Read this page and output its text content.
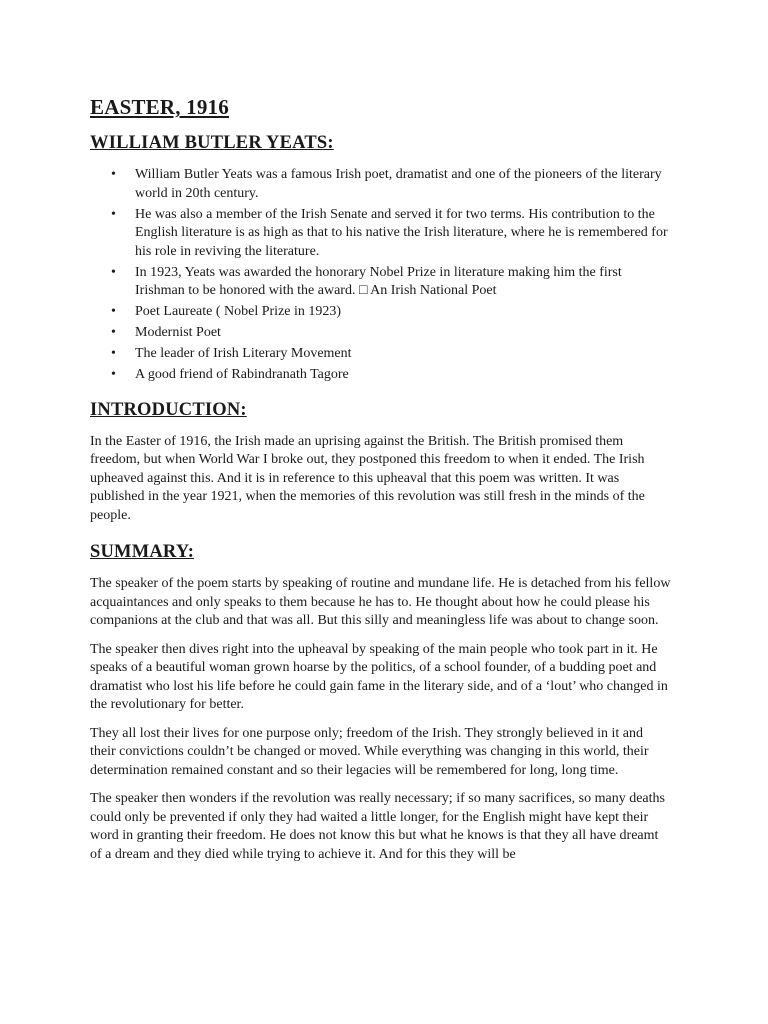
EASTER, 1916
WILLIAM BUTLER YEATS:
• William Butler Yeats was a famous Irish poet, dramatist and one of the pioneers of the literary world in 20th century.
• He was also a member of the Irish Senate and served it for two terms. His contribution to the English literature is as high as that to his native the Irish literature, where he is remembered for his role in reviving the literature.
• In 1923, Yeats was awarded the honorary Nobel Prize in literature making him the first Irishman to be honored with the award. □ An Irish National Poet
• Poet Laureate ( Nobel Prize in 1923)
• Modernist Poet
• The leader of Irish Literary Movement
• A good friend of Rabindranath Tagore
INTRODUCTION:

In the Easter of 1916, the Irish made an uprising against the British. The British promised them freedom, but when World War I broke out, they postponed this freedom to when it ended. The Irish upheaved against this. And it is in reference to this upheaval that this poem was written. It was published in the year 1921, when the memories of this revolution was still fresh in the minds of the people.

SUMMARY:

The speaker of the poem starts by speaking of routine and mundane life. He is detached from his fellow acquaintances and only speaks to them because he has to. He thought about how he could please his companions at the club and that was all. But this silly and meaningless life was about to change soon.

The speaker then dives right into the upheaval by speaking of the main people who took part in it. He speaks of a beautiful woman grown hoarse by the politics, of a school founder, of a budding poet and dramatist who lost his life before he could gain fame in the literary side, and of a ‘lout’ who changed in the revolutionary for better.

They all lost their lives for one purpose only; freedom of the Irish. They strongly believed in it and their convictions couldn’t be changed or moved. While everything was changing in this world, their determination remained constant and so their legacies will be remembered for long, long time.

The speaker then wonders if the revolution was really necessary; if so many sacrifices, so many deaths could only be prevented if only they had waited a little longer, for the English might have kept their word in granting their freedom. He does not know this but what he knows is that they all have dreamt of a dream and they died while trying to achieve it. And for this they will be
